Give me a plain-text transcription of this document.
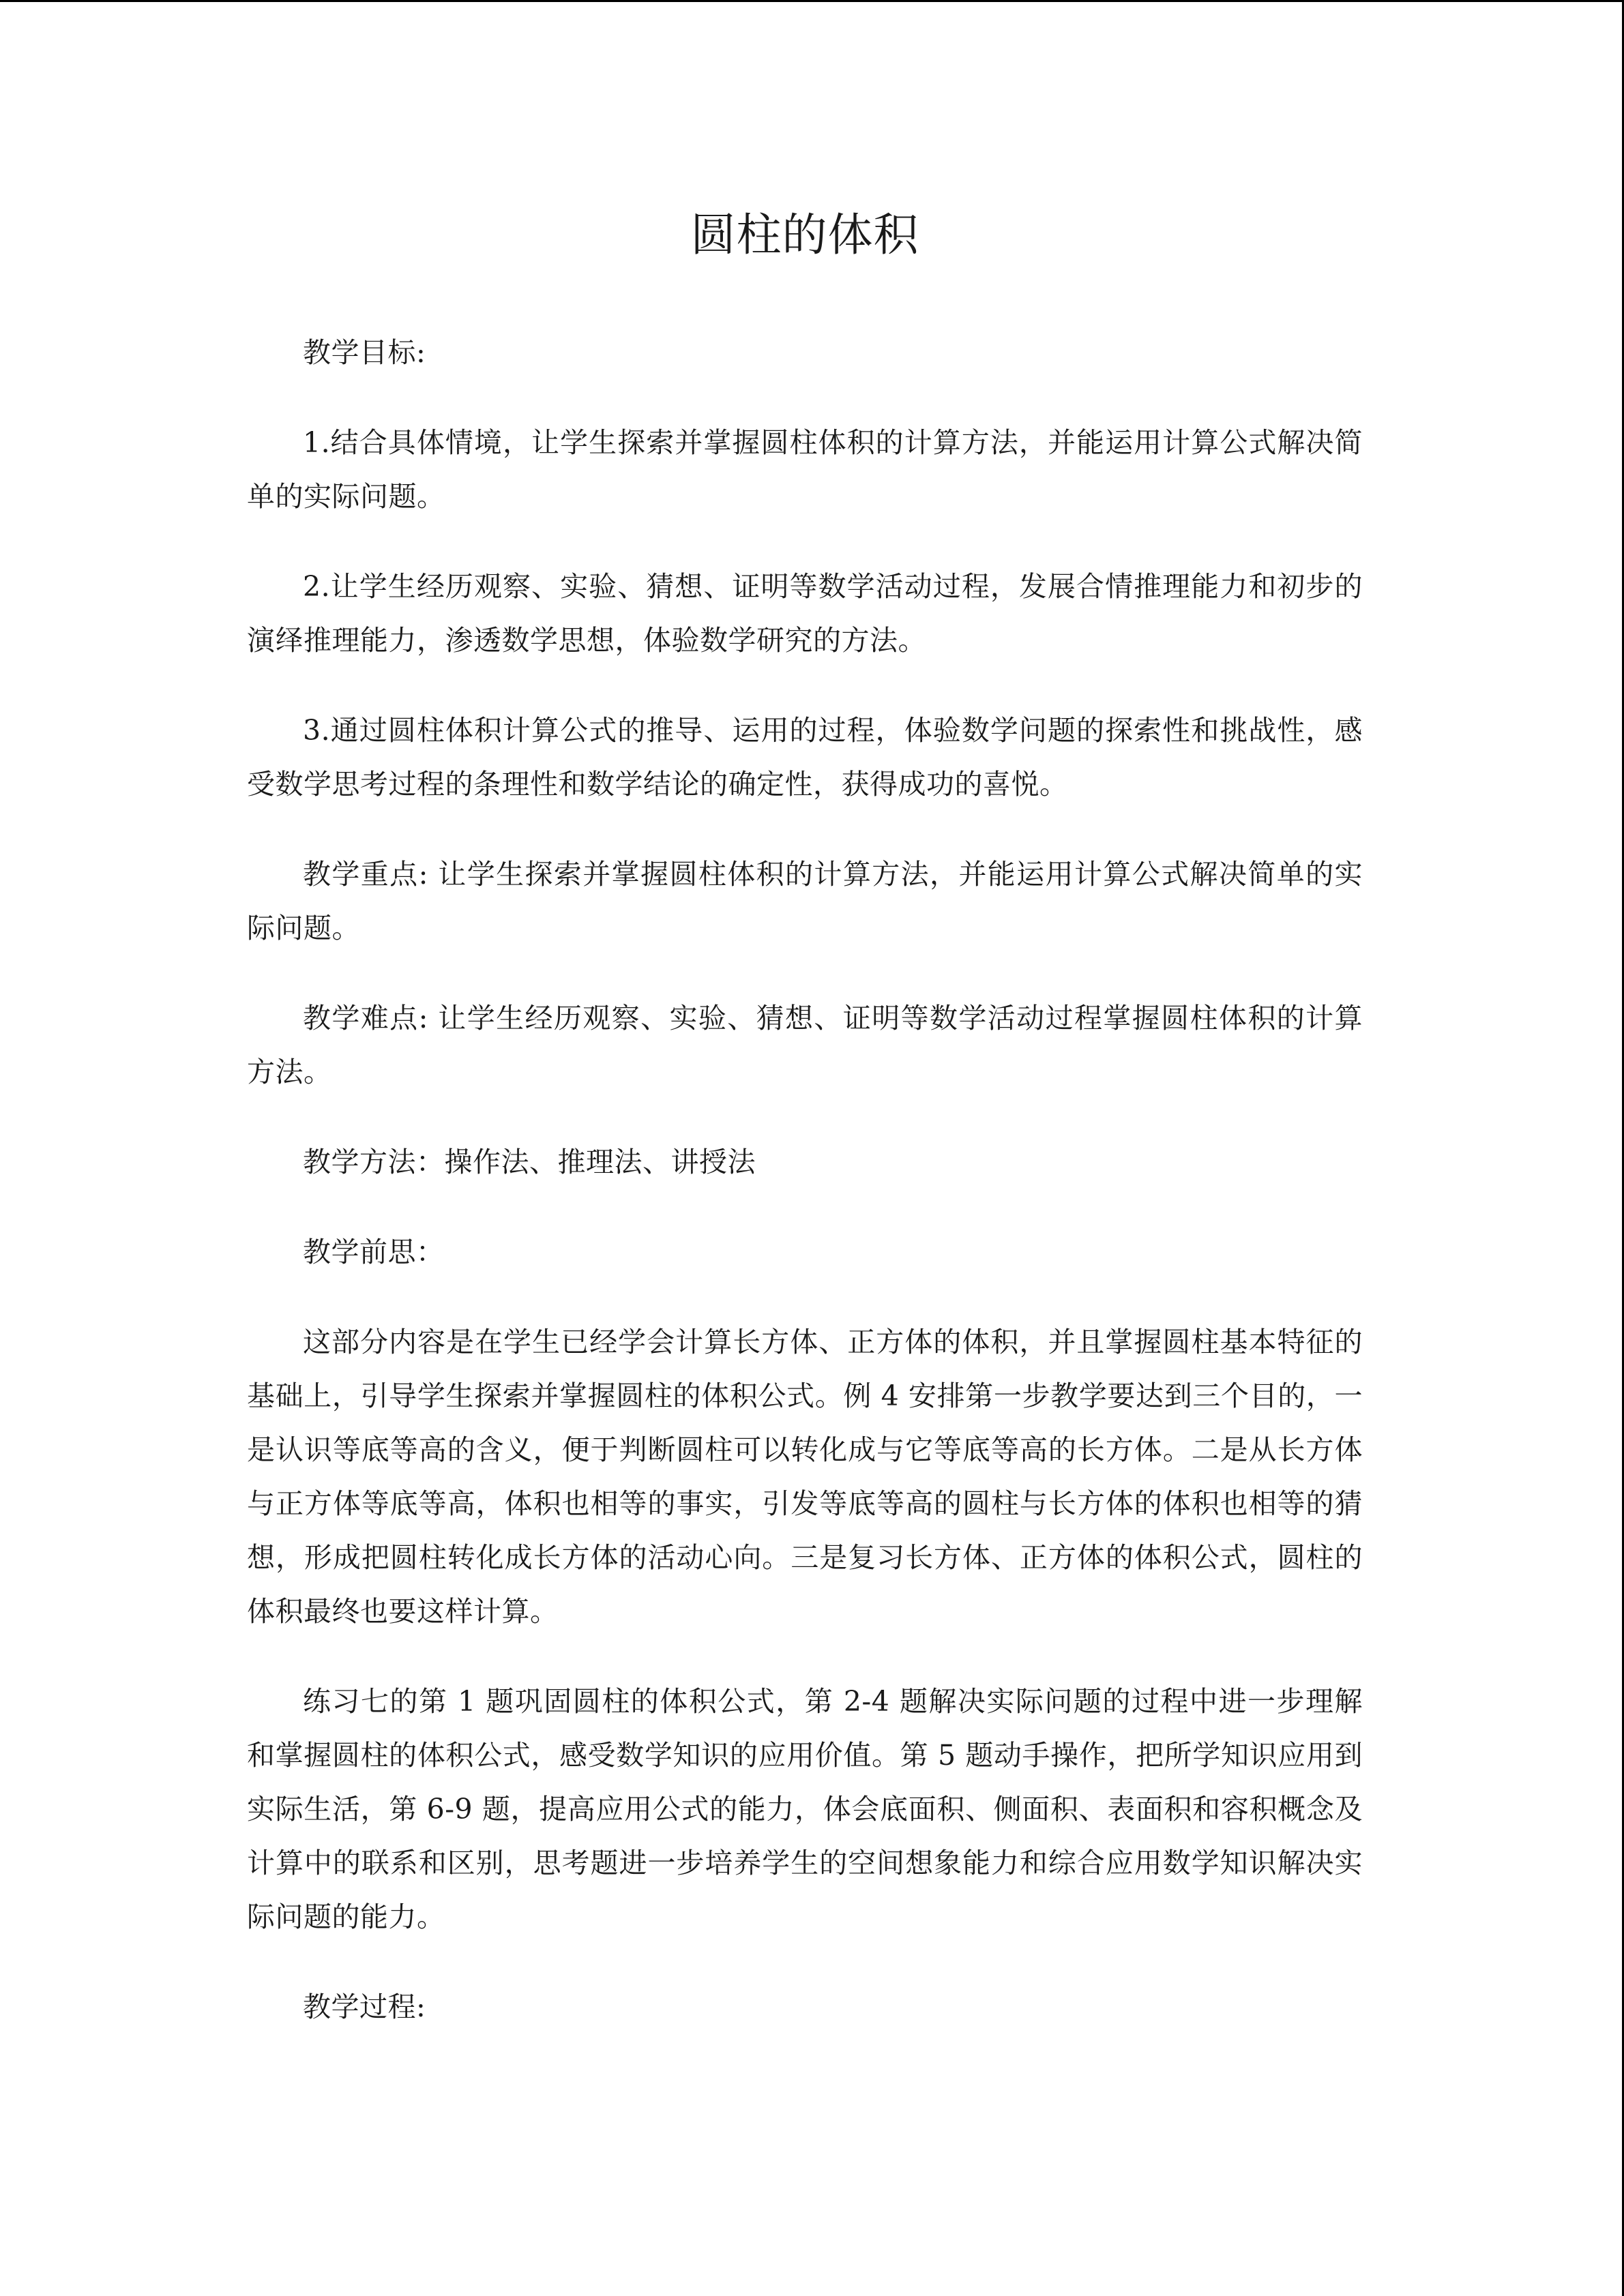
圆柱的体积

教学目标:

1.结合具体情境，让学生探索并掌握圆柱体积的计算方法，并能运用计算公式解决简单的实际问题。

2.让学生经历观察、实验、猜想、证明等数学活动过程，发展合情推理能力和初步的演绎推理能力，渗透数学思想，体验数学研究的方法。

3.通过圆柱体积计算公式的推导、运用的过程，体验数学问题的探索性和挑战性，感受数学思考过程的条理性和数学结论的确定性，获得成功的喜悦。

教学重点: 让学生探索并掌握圆柱体积的计算方法，并能运用计算公式解决简单的实际问题。

教学难点: 让学生经历观察、实验、猜想、证明等数学活动过程掌握圆柱体积的计算方法。

教学方法：操作法、推理法、讲授法

教学前思：

这部分内容是在学生已经学会计算长方体、正方体的体积，并且掌握圆柱基本特征的基础上，引导学生探索并掌握圆柱的体积公式。例 4 安排第一步教学要达到三个目的，一是认识等底等高的含义，便于判断圆柱可以转化成与它等底等高的长方体。二是从长方体与正方体等底等高，体积也相等的事实，引发等底等高的圆柱与长方体的体积也相等的猜想，形成把圆柱转化成长方体的活动心向。三是复习长方体、正方体的体积公式，圆柱的体积最终也要这样计算。

练习七的第 1 题巩固圆柱的体积公式，第 2-4 题解决实际问题的过程中进一步理解和掌握圆柱的体积公式，感受数学知识的应用价值。第 5 题动手操作，把所学知识应用到实际生活，第 6-9 题，提高应用公式的能力，体会底面积、侧面积、表面积和容积概念及计算中的联系和区别，思考题进一步培养学生的空间想象能力和综合应用数学知识解决实际问题的能力。

教学过程:
